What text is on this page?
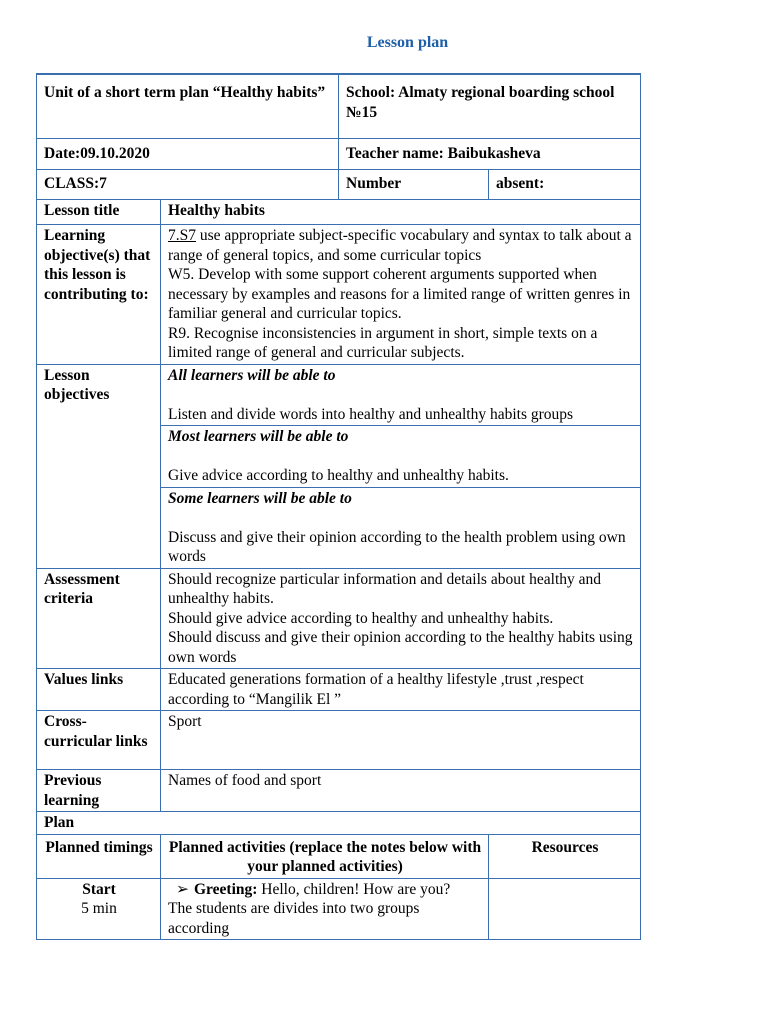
Lesson plan
Unit of a short term plan “Healthy habits”		School: Almaty regional boarding school №15	
Date:09.10.2020		Teacher name: Baibukasheva	
CLASS:7		Number	absent:
Lesson title	Healthy habits		
Learning objective(s) that this lesson is contributing to:	7.S7 use appropriate subject-specific vocabulary and syntax to talk about a range of general topics, and some curricular topics
W5. Develop with some support coherent arguments supported when necessary by examples and reasons for a limited range of written genres in familiar general and curricular topics.
R9. Recognise inconsistencies in argument in short, simple texts on a limited range of general and curricular subjects.		

Lesson objectives	All learners will be able to
Listen and divide words into healthy and unhealthy habits groups		

	Most learners will be able to
Give advice according to healthy and unhealthy habits.		

	Some learners will be able to
Discuss and give their opinion according to the health problem using own words		

Assessment criteria	Should recognize particular information and details about healthy and unhealthy habits.
Should give advice according to healthy and unhealthy habits.
Should discuss and give their opinion according to the healthy habits using own words		

Values links	Educated generations formation of a healthy lifestyle ,trust ,respect according to “Mangilik El ”		
Cross-curricular links	Sport		
Previous learning	Names of food and sport		
Plan			
Planned timings	Planned activities (replace the notes below with your planned activities)		Resources

Start
5 min	➢ Greeting: Hello, children! How are you?
The students are divides into two groups according		
